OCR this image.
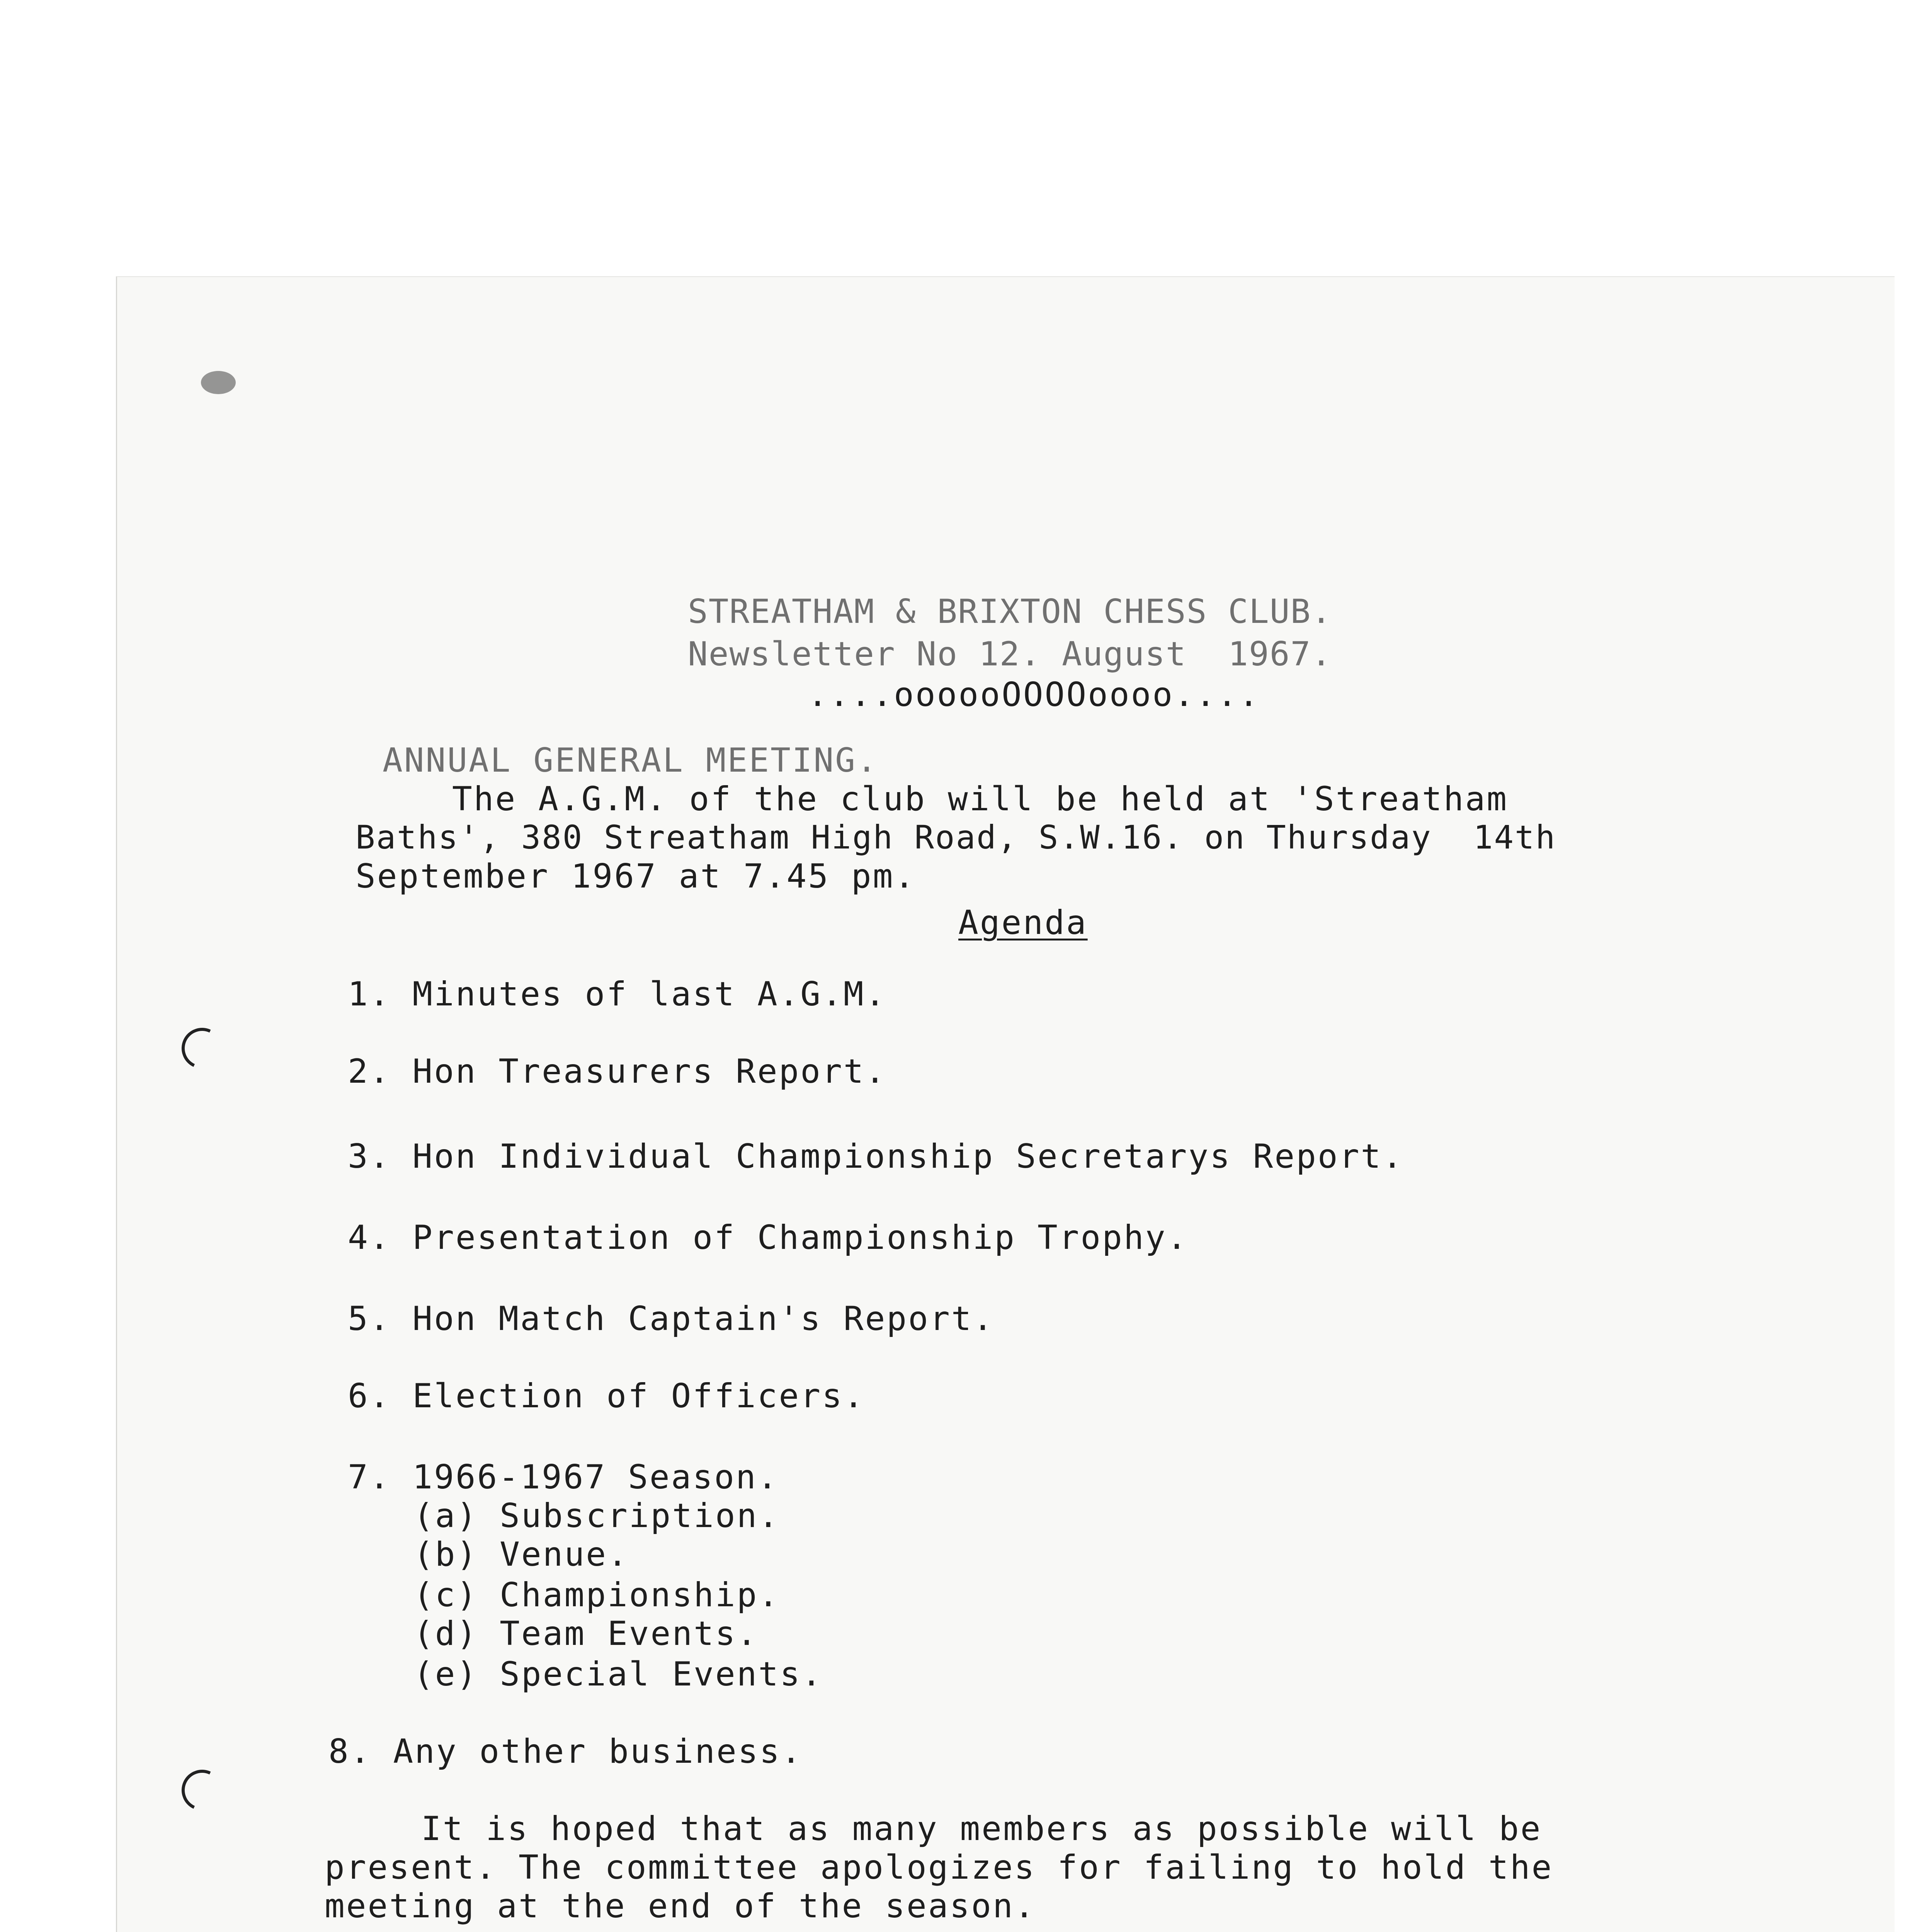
STREATHAM & BRIXTON CHESS CLUB.
Newsletter No 12. August  1967.
....oooooOOOOoooo....
ANNUAL GENERAL MEETING.
The A.G.M. of the club will be held at 'Streatham
Baths', 380 Streatham High Road, S.W.16. on Thursday  14th
September 1967 at 7.45 pm.
Agenda
1. Minutes of last A.G.M.
2. Hon Treasurers Report.
3. Hon Individual Championship Secretarys Report.
4. Presentation of Championship Trophy.
5. Hon Match Captain's Report.
6. Election of Officers.
7. 1966-1967 Season.
(a) Subscription.
(b) Venue.
(c) Championship.
(d) Team Events.
(e) Special Events.
8. Any other business.
It is hoped that as many members as possible will be
present. The committee apologizes for failing to hold the
meeting at the end of the season.
